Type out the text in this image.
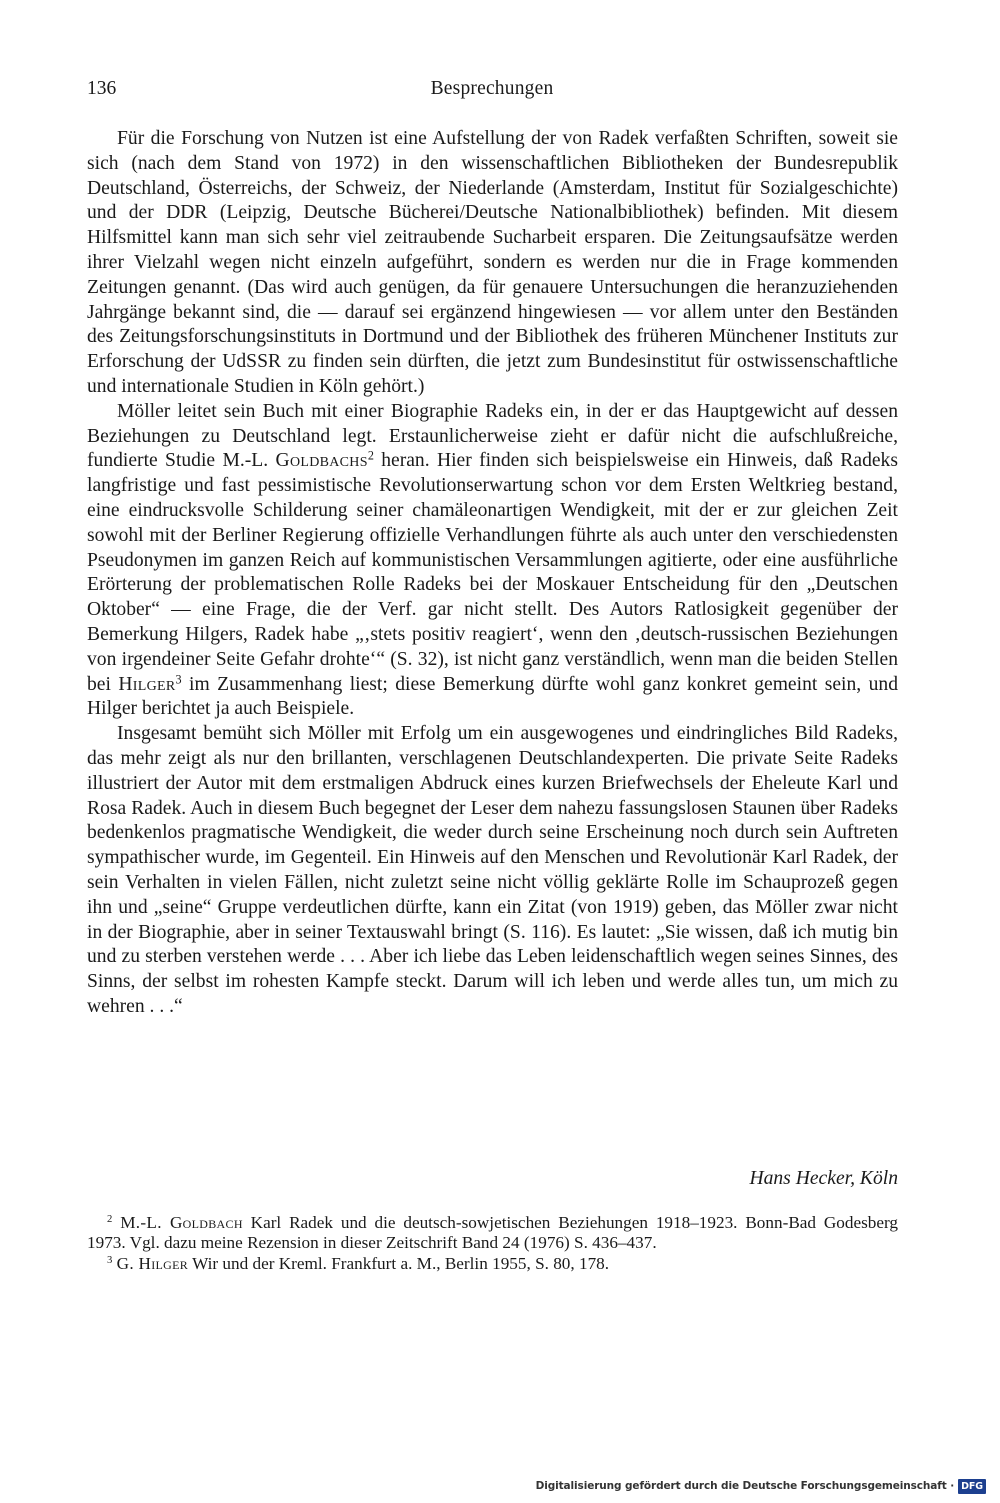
136	Besprechungen

Für die Forschung von Nutzen ist eine Aufstellung der von Radek verfaßten Schriften, soweit sie sich (nach dem Stand von 1972) in den wissenschaftlichen Bibliotheken der Bundesrepublik Deutschland, Österreichs, der Schweiz, der Niederlande (Amsterdam, Institut für Sozialgeschichte) und der DDR (Leipzig, Deutsche Bücherei/Deutsche Nationalbibliothek) befinden. Mit diesem Hilfsmittel kann man sich sehr viel zeitraubende Sucharbeit ersparen. Die Zeitungsaufsätze werden ihrer Vielzahl wegen nicht einzeln aufgeführt, sondern es werden nur die in Frage kommenden Zeitungen genannt. (Das wird auch genügen, da für genauere Untersuchungen die heranzuziehenden Jahrgänge bekannt sind, die — darauf sei ergänzend hingewiesen — vor allem unter den Beständen des Zeitungsforschungsinstituts in Dortmund und der Bibliothek des früheren Münchener Instituts zur Erforschung der UdSSR zu finden sein dürften, die jetzt zum Bundesinstitut für ostwissenschaftliche und internationale Studien in Köln gehört.)

Möller leitet sein Buch mit einer Biographie Radeks ein, in der er das Hauptgewicht auf dessen Beziehungen zu Deutschland legt. Erstaunlicherweise zieht er dafür nicht die aufschlußreiche, fundierte Studie M.-L. Goldbachs$^2$ heran. Hier finden sich beispielsweise ein Hinweis, daß Radeks langfristige und fast pessimistische Revolutionserwartung schon vor dem Ersten Weltkrieg bestand, eine eindrucksvolle Schilderung seiner chamäleonartigen Wendigkeit, mit der er zur gleichen Zeit sowohl mit der Berliner Regierung offizielle Verhandlungen führte als auch unter den verschiedensten Pseudonymen im ganzen Reich auf kommunistischen Versammlungen agitierte, oder eine ausführliche Erörterung der problematischen Rolle Radeks bei der Moskauer Entscheidung für den „Deutschen Oktober“ — eine Frage, die der Verf. gar nicht stellt. Des Autors Ratlosigkeit gegenüber der Bemerkung Hilgers, Radek habe „‚stets positiv reagiert‘, wenn den ‚deutsch-russischen Beziehungen von irgendeiner Seite Gefahr drohte‘“ (S. 32), ist nicht ganz verständlich, wenn man die beiden Stellen bei Hilger$^3$ im Zusammenhang liest; diese Bemerkung dürfte wohl ganz konkret gemeint sein, und Hilger berichtet ja auch Beispiele.

Insgesamt bemüht sich Möller mit Erfolg um ein ausgewogenes und eindringliches Bild Radeks, das mehr zeigt als nur den brillanten, verschlagenen Deutschlandexperten. Die private Seite Radeks illustriert der Autor mit dem erstmaligen Abdruck eines kurzen Briefwechsels der Eheleute Karl und Rosa Radek. Auch in diesem Buch begegnet der Leser dem nahezu fassungslosen Staunen über Radeks bedenkenlos pragmatische Wendigkeit, die weder durch seine Erscheinung noch durch sein Auftreten sympathischer wurde, im Gegenteil. Ein Hinweis auf den Menschen und Revolutionär Karl Radek, der sein Verhalten in vielen Fällen, nicht zuletzt seine nicht völlig geklärte Rolle im Schauprozeß gegen ihn und „seine“ Gruppe verdeutlichen dürfte, kann ein Zitat (von 1919) geben, das Möller zwar nicht in der Biographie, aber in seiner Textauswahl bringt (S. 116). Es lautet: „Sie wissen, daß ich mutig bin und zu sterben verstehen werde . . . Aber ich liebe das Leben leidenschaftlich wegen seines Sinnes, des Sinns, der selbst im rohesten Kampfe steckt. Darum will ich leben und werde alles tun, um mich zu wehren . . .“

Hans Hecker, Köln

$^2$ M.-L. Goldbach Karl Radek und die deutsch-sowjetischen Beziehungen 1918–1923. Bonn-Bad Godesberg 1973. Vgl. dazu meine Rezension in dieser Zeitschrift Band 24 (1976) S. 436–437.

$^3$ G. Hilger Wir und der Kreml. Frankfurt a. M., Berlin 1955, S. 80, 178.

Digitalisierung gefördert durch die Deutsche Forschungsgemeinschaft · DFG
